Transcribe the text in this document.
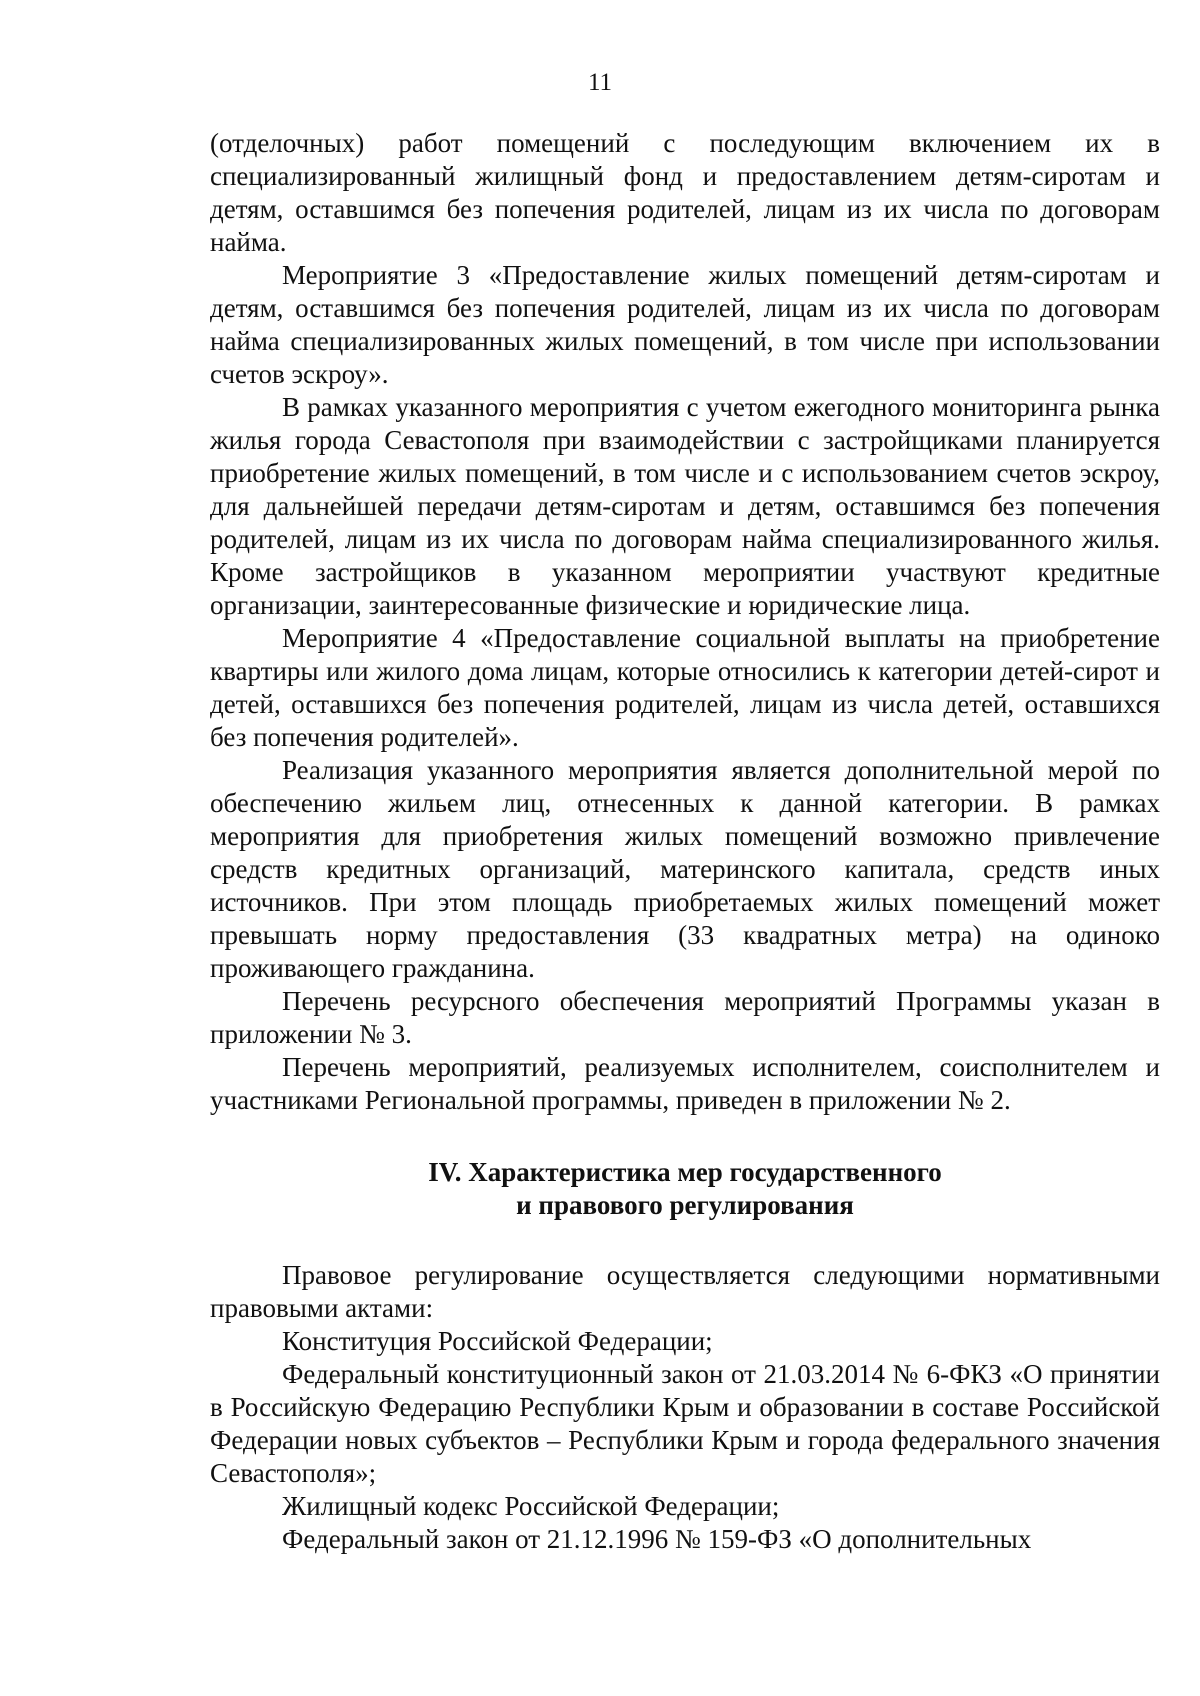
11

(отделочных) работ помещений с последующим включением их в специализированный жилищный фонд и предоставлением детям-сиротам и детям, оставшимся без попечения родителей, лицам из их числа по договорам найма.

Мероприятие 3 «Предоставление жилых помещений детям-сиротам и детям, оставшимся без попечения родителей, лицам из их числа по договорам найма специализированных жилых помещений, в том числе при использовании счетов эскроу».

В рамках указанного мероприятия с учетом ежегодного мониторинга рынка жилья города Севастополя при взаимодействии с застройщиками планируется приобретение жилых помещений, в том числе и с использованием счетов эскроу, для дальнейшей передачи детям-сиротам и детям, оставшимся без попечения родителей, лицам из их числа по договорам найма специализированного жилья. Кроме застройщиков в указанном мероприятии участвуют кредитные организации, заинтересованные физические и юридические лица.

Мероприятие 4 «Предоставление социальной выплаты на приобретение квартиры или жилого дома лицам, которые относились к категории детей-сирот и детей, оставшихся без попечения родителей, лицам из числа детей, оставшихся без попечения родителей».

Реализация указанного мероприятия является дополнительной мерой по обеспечению жильем лиц, отнесенных к данной категории. В рамках мероприятия для приобретения жилых помещений возможно привлечение средств кредитных организаций, материнского капитала, средств иных источников. При этом площадь приобретаемых жилых помещений может превышать норму предоставления (33 квадратных метра) на одиноко проживающего гражданина.

Перечень ресурсного обеспечения мероприятий Программы указан в приложении № 3.

Перечень мероприятий, реализуемых исполнителем, соисполнителем и участниками Региональной программы, приведен в приложении № 2.

IV. Характеристика мер государственного
и правового регулирования

Правовое регулирование осуществляется следующими нормативными правовыми актами:

Конституция Российской Федерации;

Федеральный конституционный закон от 21.03.2014 № 6-ФКЗ «О принятии в Российскую Федерацию Республики Крым и образовании в составе Российской Федерации новых субъектов – Республики Крым и города федерального значения Севастополя»;

Жилищный кодекс Российской Федерации;

Федеральный закон от 21.12.1996 № 159-ФЗ «О дополнительных
